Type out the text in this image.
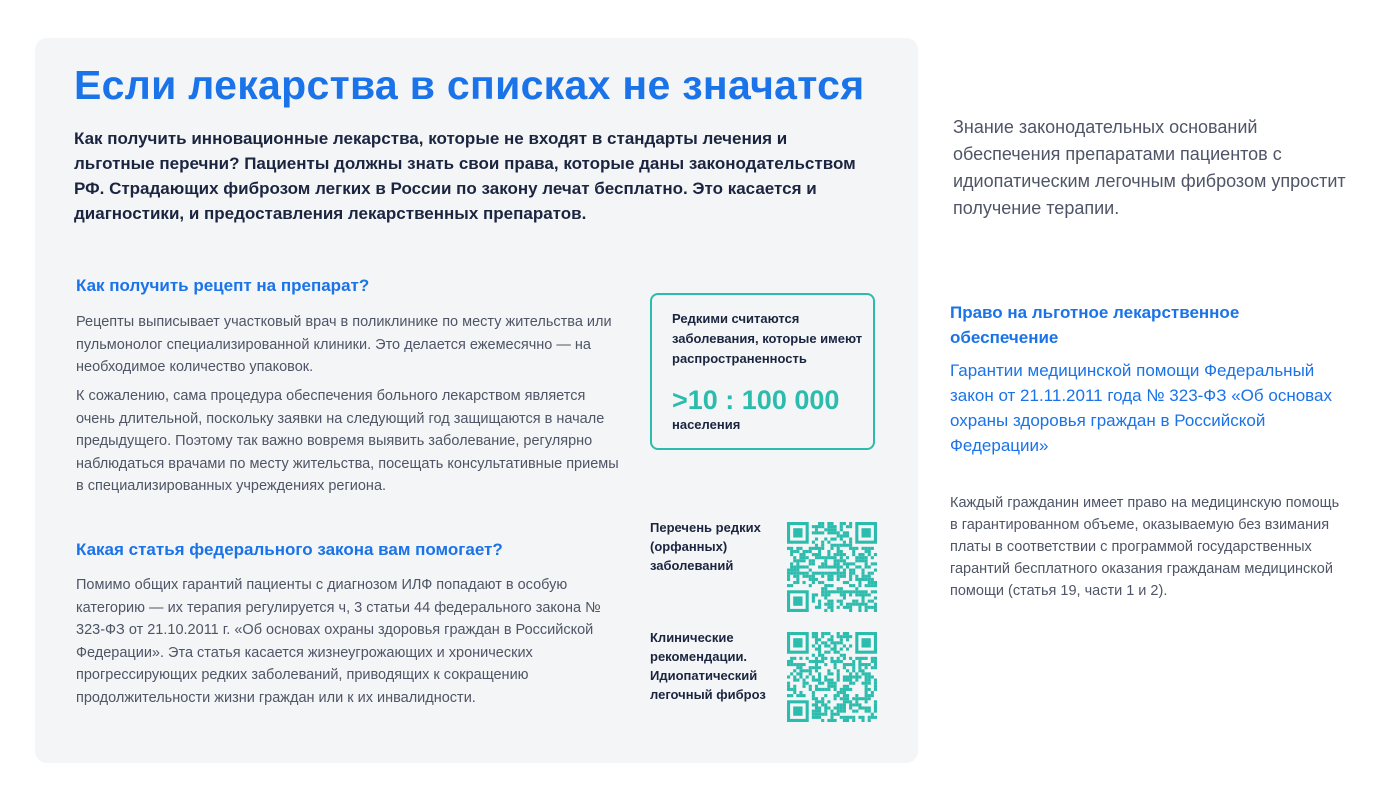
Если лекарства в списках не значатся

Как получить инновационные лекарства, которые не входят в стандарты лечения и льготные перечни? Пациенты должны знать свои права, которые даны законодательством РФ. Страдающих фиброзом легких в России по закону лечат бесплатно. Это касается и диагностики, и предоставления лекарственных препаратов.

Как получить рецепт на препарат?

Рецепты выписывает участковый врач в поликлинике по месту жительства или пульмонолог специализированной клиники. Это делается ежемесячно — на необходимое количество упаковок.

К сожалению, сама процедура обеспечения больного лекарством является очень длительной, поскольку заявки на следующий год защищаются в начале предыдущего. Поэтому так важно вовремя выявить заболевание, регулярно наблюдаться врачами по месту жительства, посещать консультативные приемы в специализированных учреждениях региона.

Какая статья федерального закона вам помогает?

Помимо общих гарантий пациенты с диагнозом ИЛФ попадают в особую категорию — их терапия регулируется ч, 3 статьи 44 федерального закона № 323-ФЗ от 21.10.2011 г. «Об основах охраны здоровья граждан в Российской Федерации». Эта статья касается жизнеугрожающих и хронических прогрессирующих редких заболеваний, приводящих к сокращению продолжительности жизни граждан или к их инвалидности.

Редкими считаются заболевания, которые имеют распространенность

>10 : 100 000

населения

Перечень редких (орфанных) заболеваний

Клинические рекомендации. Идиопатический легочный фиброз

Знание законодательных оснований обеспечения препаратами пациентов с идиопатическим легочным фиброзом упростит получение терапии.

Право на льготное лекарственное обеспечение

Гарантии медицинской помощи Федеральный закон от 21.11.2011 года № 323-ФЗ «Об основах охраны здоровья граждан в Российской Федерации»

Каждый гражданин имеет право на медицинскую помощь в гарантированном объеме, оказываемую без взимания платы в соответствии с программой государственных гарантий бесплатного оказания гражданам медицинской помощи (статья 19, части 1 и 2).
